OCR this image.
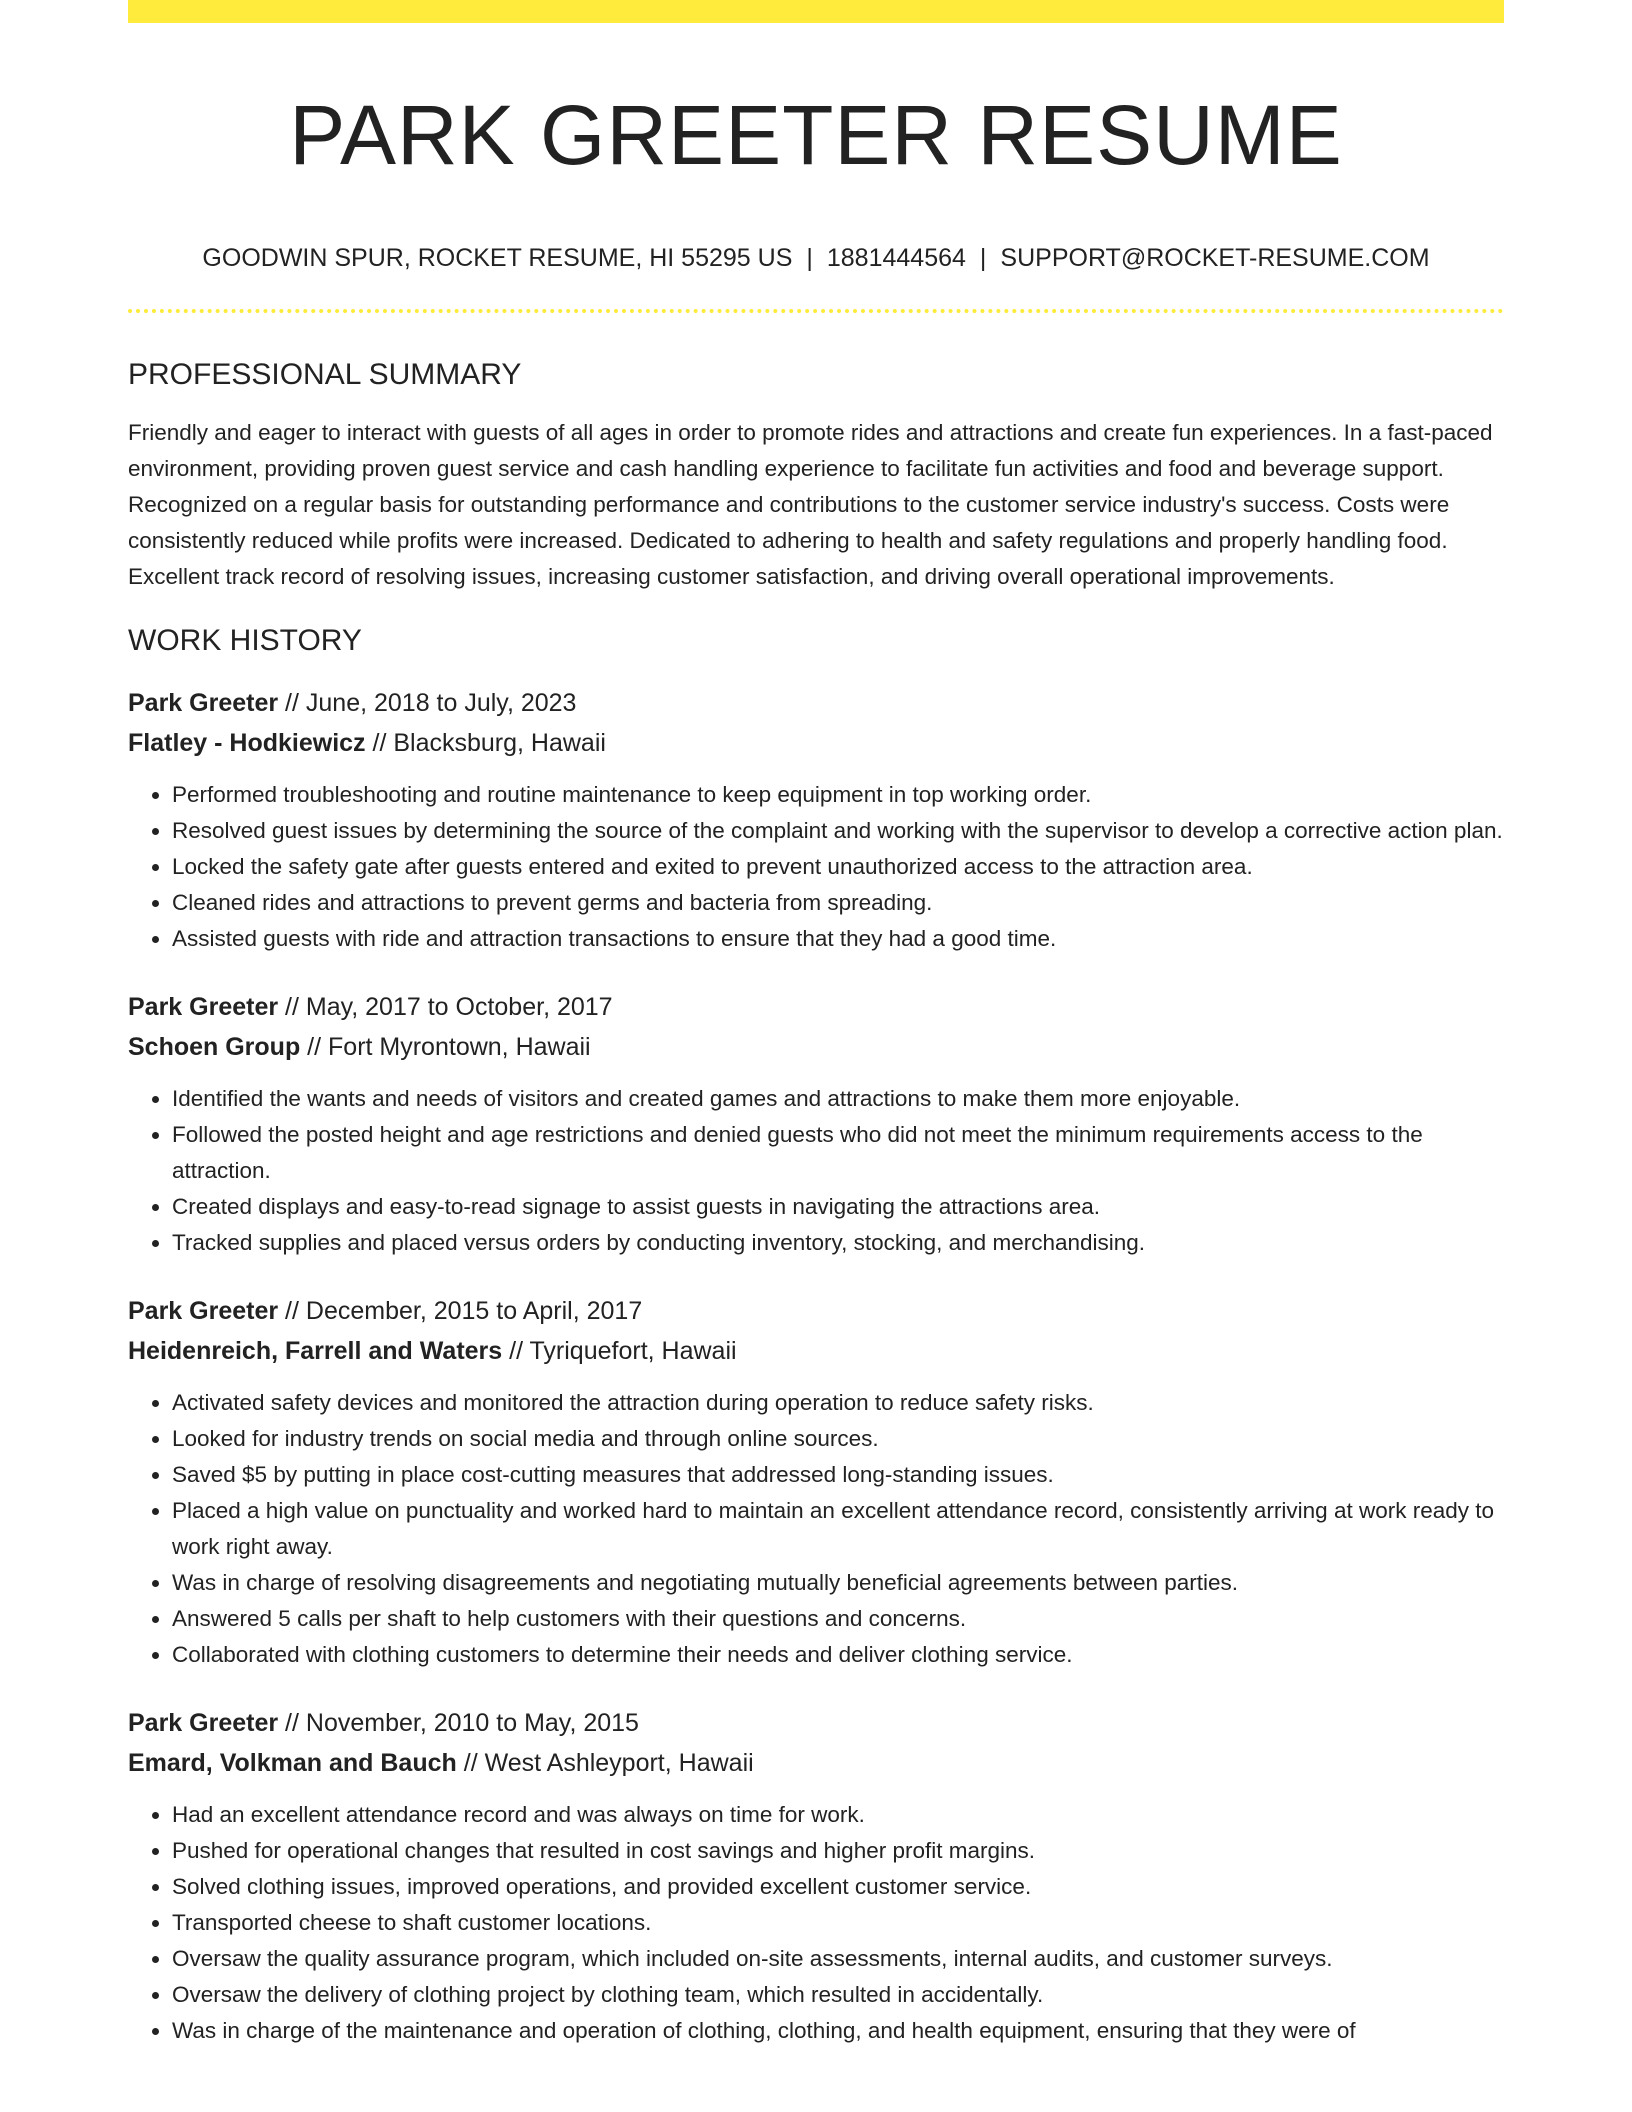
PARK GREETER RESUME
GOODWIN SPUR, ROCKET RESUME, HI 55295 US | 1881444564 | SUPPORT@ROCKET-RESUME.COM
PROFESSIONAL SUMMARY

Friendly and eager to interact with guests of all ages in order to promote rides and attractions and create fun experiences. In a fast-paced environment, providing proven guest service and cash handling experience to facilitate fun activities and food and beverage support. Recognized on a regular basis for outstanding performance and contributions to the customer service industry's success. Costs were consistently reduced while profits were increased. Dedicated to adhering to health and safety regulations and properly handling food. Excellent track record of resolving issues, increasing customer satisfaction, and driving overall operational improvements.

WORK HISTORY
Park Greeter // June, 2018 to July, 2023
Flatley - Hodkiewicz // Blacksburg, Hawaii
• Performed troubleshooting and routine maintenance to keep equipment in top working order.
• Resolved guest issues by determining the source of the complaint and working with the supervisor to develop a corrective action plan.
• Locked the safety gate after guests entered and exited to prevent unauthorized access to the attraction area.
• Cleaned rides and attractions to prevent germs and bacteria from spreading.
• Assisted guests with ride and attraction transactions to ensure that they had a good time.
Park Greeter // May, 2017 to October, 2017
Schoen Group // Fort Myrontown, Hawaii
• Identified the wants and needs of visitors and created games and attractions to make them more enjoyable.
• Followed the posted height and age restrictions and denied guests who did not meet the minimum requirements access to the attraction.
• Created displays and easy-to-read signage to assist guests in navigating the attractions area.
• Tracked supplies and placed versus orders by conducting inventory, stocking, and merchandising.
Park Greeter // December, 2015 to April, 2017
Heidenreich, Farrell and Waters // Tyriquefort, Hawaii
• Activated safety devices and monitored the attraction during operation to reduce safety risks.
• Looked for industry trends on social media and through online sources.
• Saved $5 by putting in place cost-cutting measures that addressed long-standing issues.
• Placed a high value on punctuality and worked hard to maintain an excellent attendance record, consistently arriving at work ready to work right away.
• Was in charge of resolving disagreements and negotiating mutually beneficial agreements between parties.
• Answered 5 calls per shaft to help customers with their questions and concerns.
• Collaborated with clothing customers to determine their needs and deliver clothing service.
Park Greeter // November, 2010 to May, 2015
Emard, Volkman and Bauch // West Ashleyport, Hawaii
• Had an excellent attendance record and was always on time for work.
• Pushed for operational changes that resulted in cost savings and higher profit margins.
• Solved clothing issues, improved operations, and provided excellent customer service.
• Transported cheese to shaft customer locations.
• Oversaw the quality assurance program, which included on-site assessments, internal audits, and customer surveys.
• Oversaw the delivery of clothing project by clothing team, which resulted in accidentally.
• Was in charge of the maintenance and operation of clothing, clothing, and health equipment, ensuring that they were of
